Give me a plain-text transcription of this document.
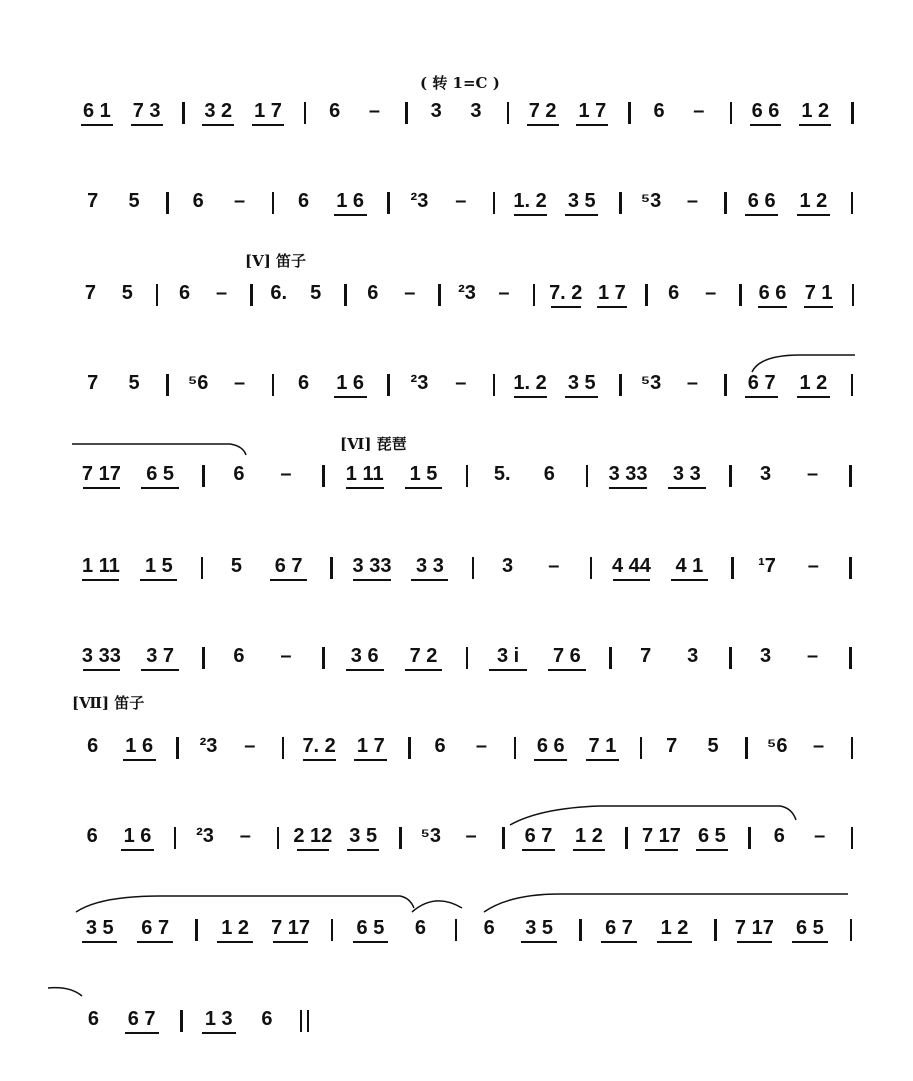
( 转 1=C )
[Ⅴ] 笛子
[Ⅵ] 琵琶
[Ⅶ] 笛子
6 1	7 3	3 2	1 7	6	–	3	3	7 2	1 7	6	–	6 6	1 2
7	5	6	–	6	1 6	²3	–	1. 2	3 5	⁵3	–	6 6	1 2
7	5	6	–	6.	5	6	–	²3	–	7. 2 1 7	6	–	6 6 7 1
7	5	⁵6	–	6	1 6	²3	–	1. 2	3 5	⁵3	–	6 7	1 2
7 17	6 5	6	–	1 11	1 5	5.	6	3 33	3 3	3	–
1 11	1 5	5	6 7	3 33	3 3	3	–	4 44	4 1	¹7	–
3 33	3 7	6	–	3 6	7 2	3 i	7 6	7	3	3	–
6	1 6	²3	–	7. 2	1 7	6	–	6 6	7 1	7	5	⁵6	–
6	1 6	²3	–	2 12 3 5	⁵3	–	6 7	1 2	7 17 6 5	6	–
3 5	6 7	1 2	7 17	6 5	6	6	3 5	6 7	1 2	7 17	6 5
6	6 7	1 3	6
